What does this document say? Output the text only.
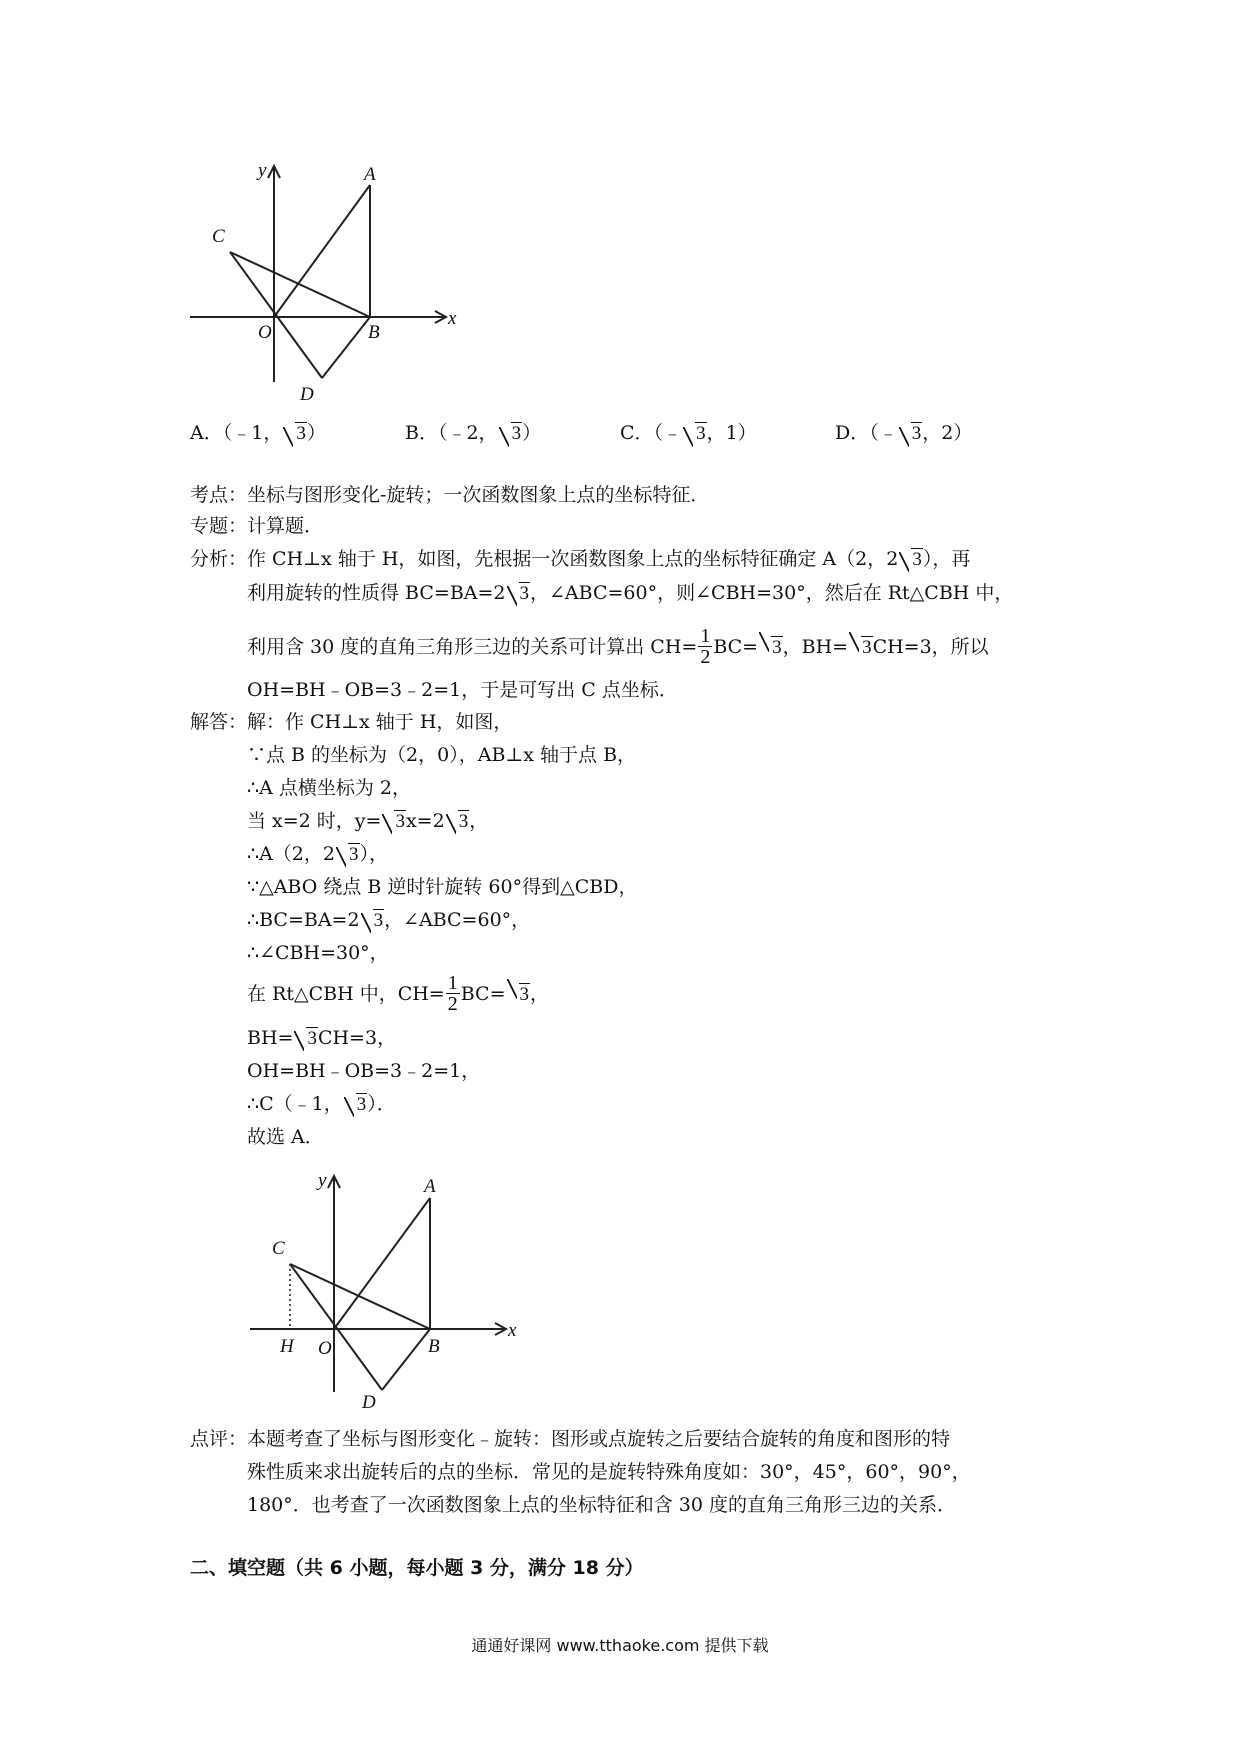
y
x
A
C
O	B
D
A．（﹣1， 3）	B．（﹣2， 3）	C．（﹣ 3，1）	D．（﹣ 3，2）
考点：坐标与图形变化-旋转；一次函数图象上点的坐标特征．
专题：计算题．
分析：作 CH⊥x 轴于 H，如图，先根据一次函数图象上点的坐标特征确定 A（2，2 3），再
利用旋转的性质得 BC=BA=2 3，∠ABC=60°，则∠CBH=30°，然后在 Rt△CBH 中，
利用含 30 度的直角三角形三边的关系可计算出 $CH= \frac{1}{2} BC= 3$，BH= 3CH=3，所以
OH=BH﹣OB=3﹣2=1，于是可写出 C 点坐标．
解答：解：作 CH⊥x 轴于 H，如图，
∵点 B 的坐标为（2，0），AB⊥x 轴于点 B，
∴A 点横坐标为 2，
当 x=2 时，y= 3x=2 3，
∴A（2，2 3），
∵△ABO 绕点 B 逆时针旋转 60°得到△CBD，
∴BC=BA=2 3，∠ABC=60°，
∴∠CBH=30°，
在 Rt△CBH 中，$CH= \frac{1}{2} BC= 3$，
BH= 3CH=3，
OH=BH﹣OB=3﹣2=1，
∴C（﹣1， 3）．
故选 A．
y
x
A
C
H O	B
D
点评：本题考查了坐标与图形变化﹣旋转：图形或点旋转之后要结合旋转的角度和图形的特
殊性质来求出旋转后的点的坐标．常见的是旋转特殊角度如：30°，45°，60°，90°，
180°．也考查了一次函数图象上点的坐标特征和含 30 度的直角三角形三边的关系．
二、填空题（共 6 小题，每小题 3 分，满分 18 分）
通通好课网 www.tthaoke.com 提供下载
